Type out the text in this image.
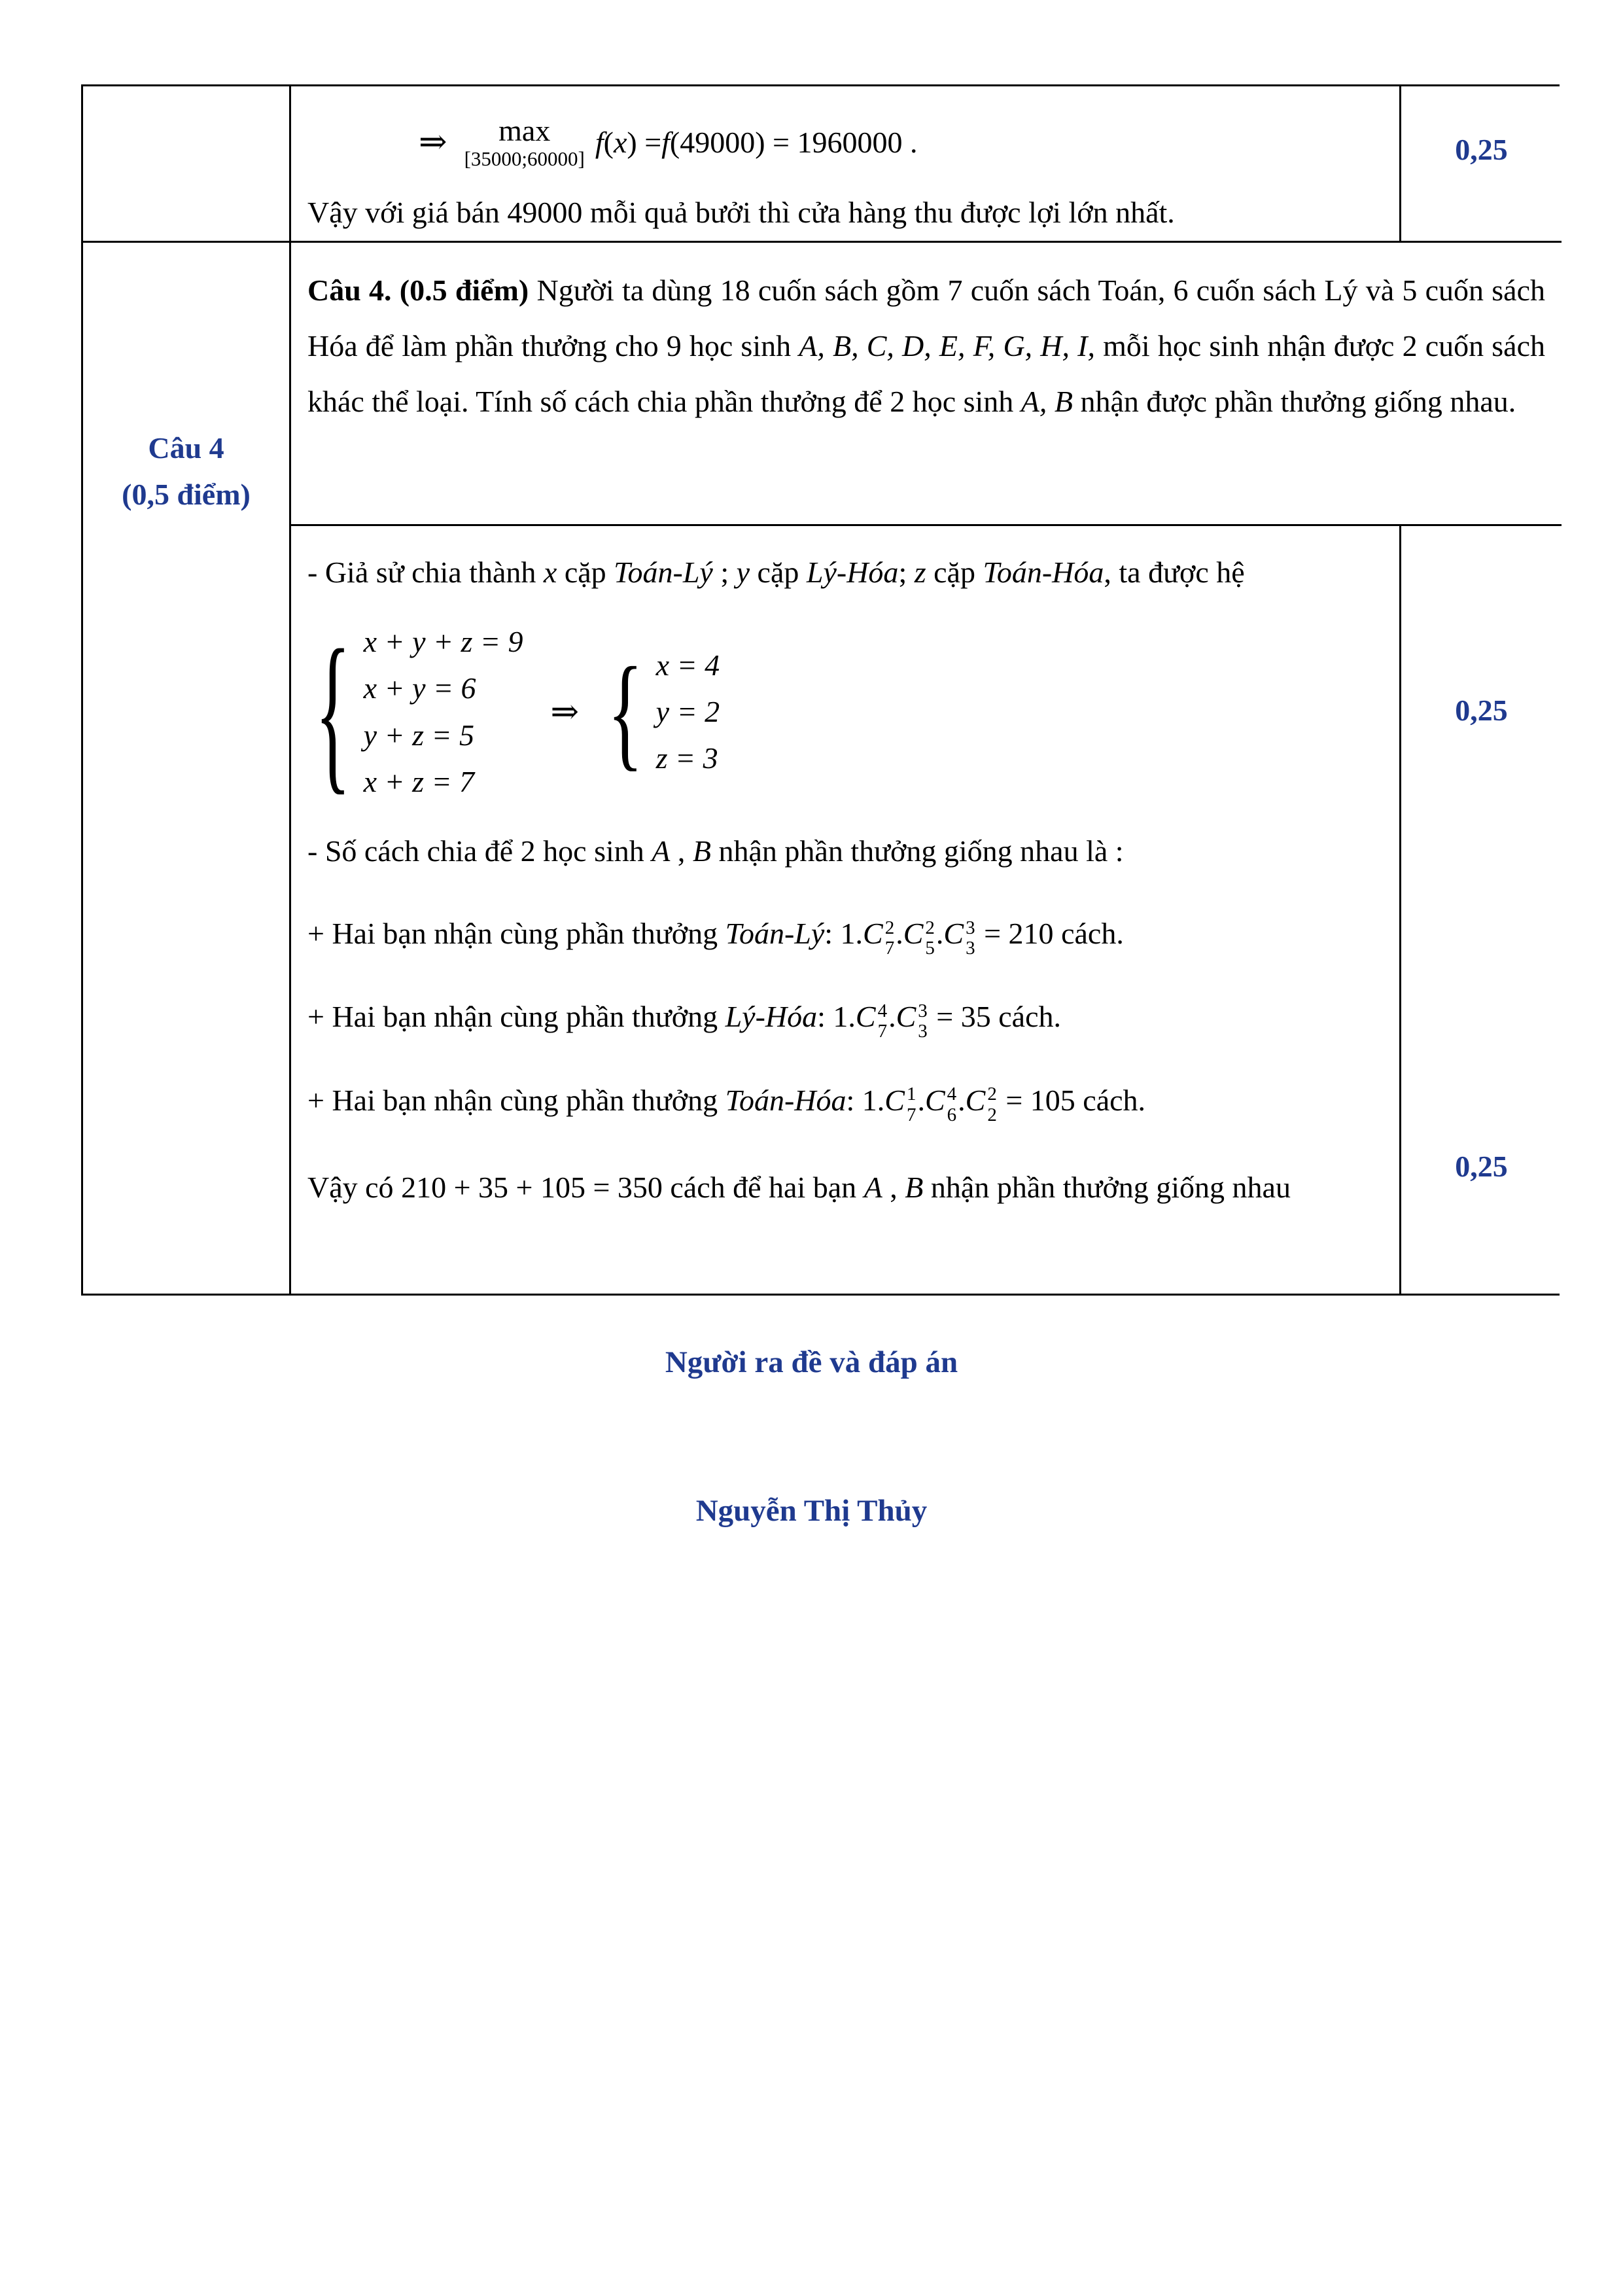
⇒ max
[35000;60000] f ( x ) = f (49000) = 1960000 .
Vậy với giá bán 49000 mỗi quả bưởi thì cửa hàng thu được lợi lớn nhất.
0,25
Câu 4
(0,5 điểm)
Câu 4. (0.5 điểm) Người ta dùng 18 cuốn sách gồm 7 cuốn sách Toán, 6 cuốn sách Lý và 5 cuốn sách Hóa để làm phần thưởng cho 9 học sinh A, B, C, D, E, F, G, H, I, mỗi học sinh nhận được 2 cuốn sách khác thể loại. Tính số cách chia phần thưởng để 2 học sinh A, B nhận được phần thưởng giống nhau.
- Giả sử chia thành x cặp Toán-Lý ; y cặp Lý-Hóa; z cặp Toán-Hóa, ta được hệ
{ x + y + z = 9
x + y = 6
y + z = 5
x + z = 7
⇒ { x = 4
y = 2
z = 3
- Số cách chia để 2 học sinh A , B nhận phần thưởng giống nhau là :
+ Hai bạn nhận cùng phần thưởng Toán-Lý: 1.C 2
7 .C 2
5 .C 3
3 = 210 cách.
+ Hai bạn nhận cùng phần thưởng Lý-Hóa: 1.C 4
7 .C 3
3 = 35 cách.
+ Hai bạn nhận cùng phần thưởng Toán-Hóa: 1.C 1
7 .C 4
6 .C 2
2 = 105 cách.
Vậy có 210 + 35 + 105 = 350 cách để hai bạn A , B nhận phần thưởng giống nhau
0,25
0,25
Người ra đề và đáp án
Nguyễn Thị Thủy
